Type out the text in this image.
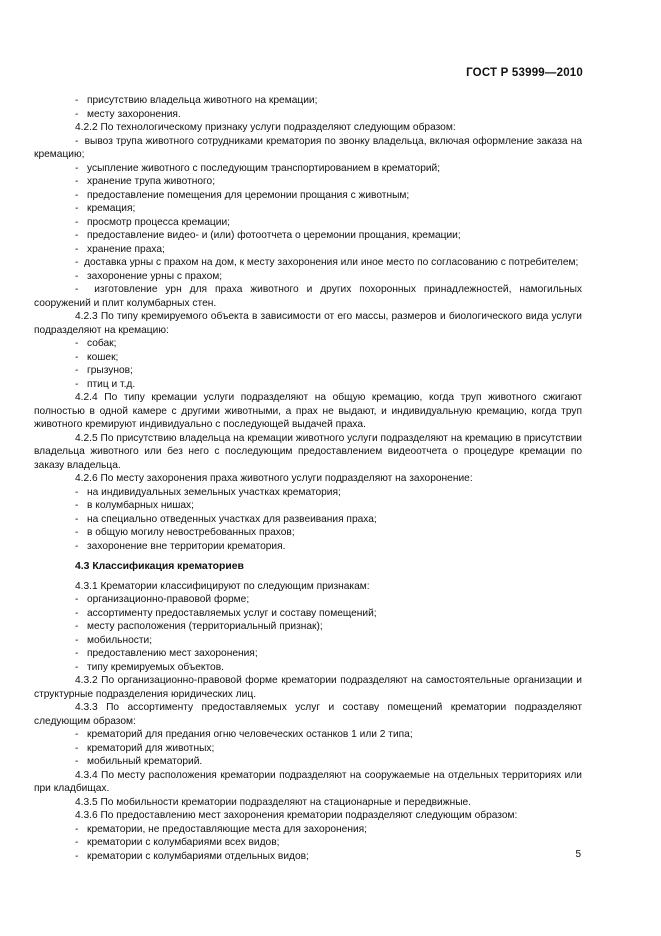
ГОСТ Р 53999—2010
- присутствию владельца животного на кремации;
- месту захоронения.

4.2.2 По технологическому признаку услуги подразделяют следующим образом:

-  вывоз трупа животного сотрудниками крематория по звонку владельца, включая оформление заказа на кремацию;
- усыпление животного с последующим транспортированием в крематорий;
- хранение трупа животного;
- предоставление помещения для церемонии прощания с животным;
- кремация;
- просмотр процесса кремации;
- предоставление видео- и (или) фотоотчета о церемонии прощания, кремации;
- хранение праха;
-  доставка урны с прахом на дом, к месту захоронения или иное место по согласованию с потребителем;
- захоронение урны с прахом;
-  изготовление урн для праха животного и других похоронных принадлежностей, намогильных сооружений и плит колумбарных стен.

4.2.3 По типу кремируемого объекта в зависимости от его массы, размеров и биологического вида услуги подразделяют на кремацию:

- собак;
- кошек;
- грызунов;
- птиц и т.д.

4.2.4 По типу кремации услуги подразделяют на общую кремацию, когда труп животного сжигают полностью в одной камере с другими животными, а прах не выдают, и индивидуальную кремацию, когда труп животного кремируют индивидуально с последующей выдачей праха.

4.2.5 По присутствию владельца на кремации животного услуги подразделяют на кремацию в присутствии владельца животного или без него с последующим предоставлением видеоотчета о процедуре кремации по заказу владельца.

4.2.6 По месту захоронения праха животного услуги подразделяют на захоронение:

- на индивидуальных земельных участках крематория;
- в колумбарных нишах;
- на специально отведенных участках для развеивания праха;
- в общую могилу невостребованных прахов;
- захоронение вне территории крематория.
4.3 Классификация крематориев

4.3.1 Крематории классифицируют по следующим признакам:

- организационно-правовой форме;
- ассортименту предоставляемых услуг и составу помещений;
- месту расположения (территориальный признак);
- мобильности;
- предоставлению мест захоронения;
- типу кремируемых объектов.

4.3.2 По организационно-правовой форме крематории подразделяют на самостоятельные организации и структурные подразделения юридических лиц.

4.3.3 По ассортименту предоставляемых услуг и составу помещений крематории подразделяют следующим образом:

- крематорий для предания огню человеческих останков 1 или 2 типа;
- крематорий для животных;
- мобильный крематорий.

4.3.4 По месту расположения крематории подразделяют на сооружаемые на отдельных территориях или при кладбищах.

4.3.5 По мобильности крематории подразделяют на стационарные и передвижные.

4.3.6 По предоставлению мест захоронения крематории подразделяют следующим образом:

- крематории, не предоставляющие места для захоронения;
- крематории с колумбариями всех видов;
- крематории с колумбариями отдельных видов;	5
